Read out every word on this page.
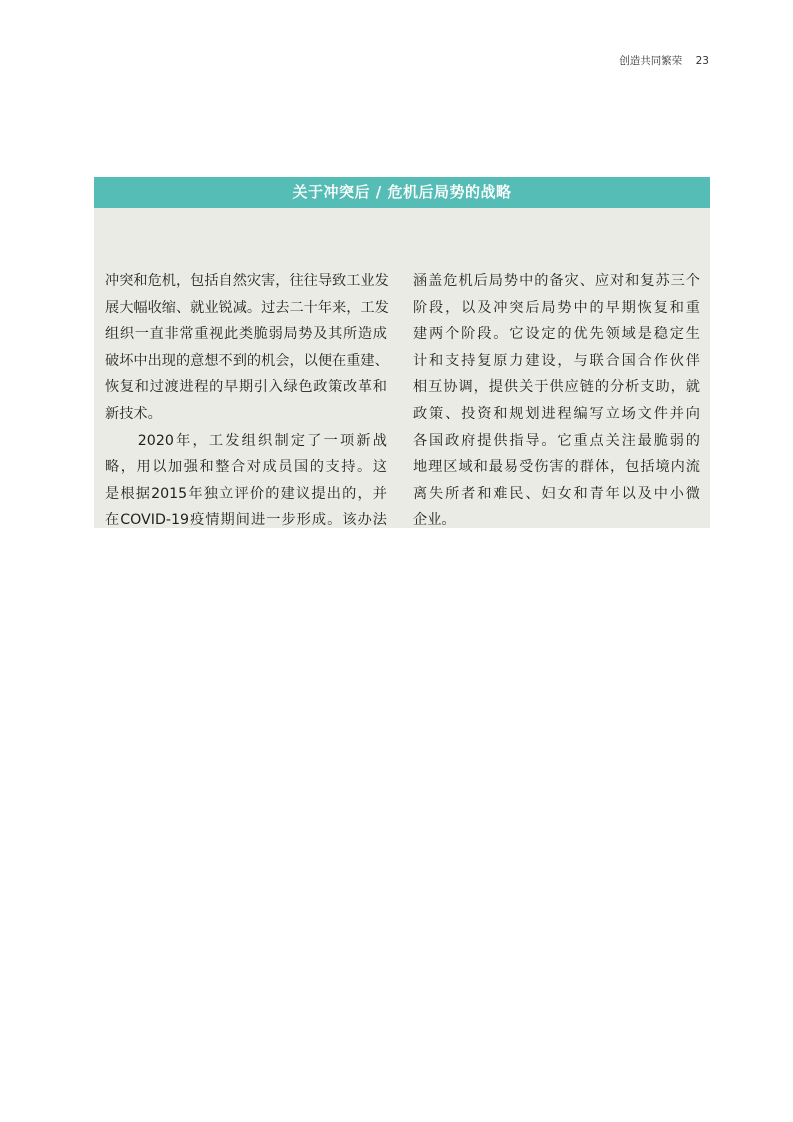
创造共同繁荣 23
关于冲突后 / 危机后局势的战略
冲突和危机，包括自然灾害，往往导致工业发
展大幅收缩、就业锐减。过去二十年来，工发
组织一直非常重视此类脆弱局势及其所造成
破坏中出现的意想不到的机会，以便在重建、
恢复和过渡进程的早期引入绿色政策改革和
新技术。
　　2020年，工发组织制定了一项新战
略，用以加强和整合对成员国的支持。这
是根据2015年独立评价的建议提出的，并
在COVID-19疫情期间进一步形成。该办法
涵盖危机后局势中的备灾、应对和复苏三个
阶段，以及冲突后局势中的早期恢复和重
建两个阶段。它设定的优先领域是稳定生
计和支持复原力建设，与联合国合作伙伴
相互协调，提供关于供应链的分析支助，就
政策、投资和规划进程编写立场文件并向
各国政府提供指导。它重点关注最脆弱的
地理区域和最易受伤害的群体，包括境内流
离失所者和难民、妇女和青年以及中小微
企业。
